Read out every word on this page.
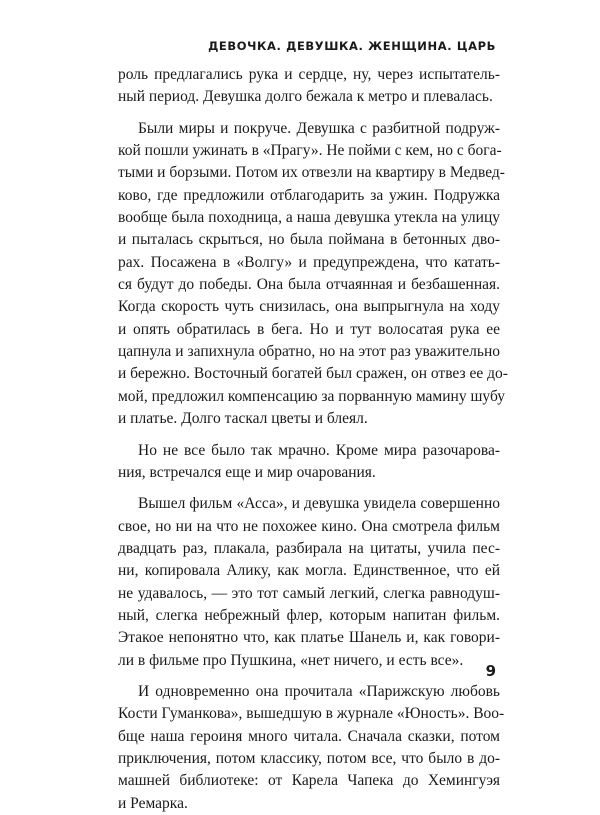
ДЕВОЧКА. ДЕВУШКА. ЖЕНЩИНА. ЦАРЬ
роль предлагались рука и сердце, ну, через испытатель-
ный период. Девушка долго бежала к метро и плевалась.
Были миры и покруче. Девушка с разбитной подруж-
кой пошли ужинать в «Прагу». Не пойми с кем, но с бога-
тыми и борзыми. Потом их отвезли на квартиру в Медвед-
ково, где предложили отблагодарить за ужин. Подружка
вообще была походница, а наша девушка утекла на улицу
и пыталась скрыться, но была поймана в бетонных дво-
рах. Посажена в «Волгу» и предупреждена, что катать-
ся будут до победы. Она была отчаянная и безбашенная.
Когда скорость чуть снизилась, она выпрыгнула на ходу
и опять обратилась в бега. Но и тут волосатая рука ее
цапнула и запихнула обратно, но на этот раз уважительно
и бережно. Восточный богатей был сражен, он отвез ее до-
мой, предложил компенсацию за порванную мамину шубу
и платье. Долго таскал цветы и блеял.
Но не все было так мрачно. Кроме мира разочарова-
ния, встречался еще и мир очарования.
Вышел фильм «Асса», и девушка увидела совершенно
свое, но ни на что не похожее кино. Она смотрела фильм
двадцать раз, плакала, разбирала на цитаты, учила пес-
ни, копировала Алику, как могла. Единственное, что ей
не удавалось, — это тот самый легкий, слегка равнодуш-
ный, слегка небрежный флер, которым напитан фильм.
Этакое непонятно что, как платье Шанель и, как говори-
ли в фильме про Пушкина, «нет ничего, и есть все».
И одновременно она прочитала «Парижскую любовь
Кости Гуманкова», вышедшую в журнале «Юность». Воо-
бще наша героиня много читала. Сначала сказки, потом
приключения, потом классику, потом все, что было в до-
машней библиотеке: от Карела Чапека до Хемингуэя
и Ремарка.
9
